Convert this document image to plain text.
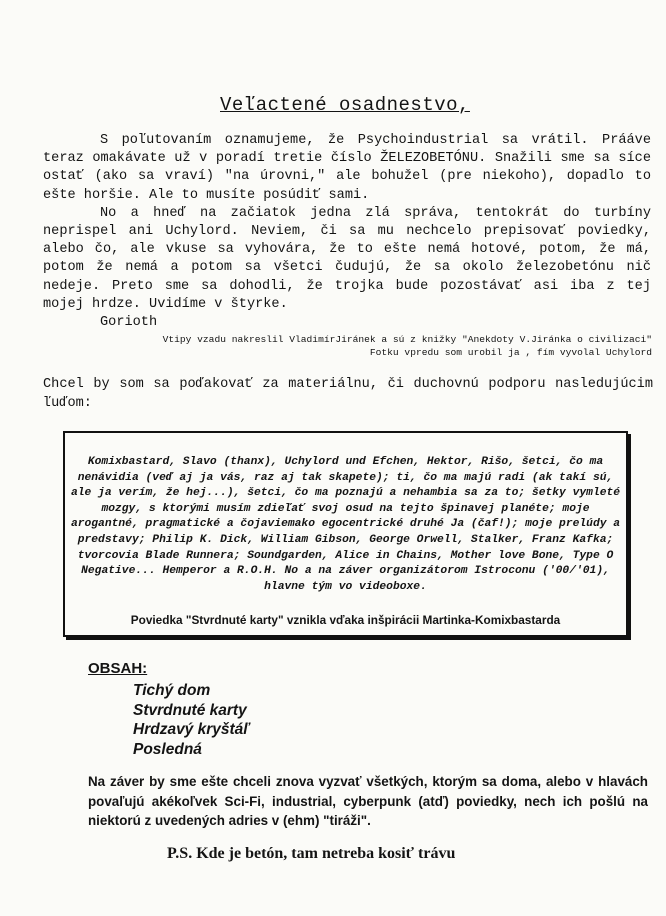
Veľactené osadnestvo,

S poľutovaním oznamujeme, že Psychoindustrial sa vrátil. Prááve teraz omakávate už v poradí tretie číslo ŽELEZOBETÓNU. Snažili sme sa síce ostať (ako sa vraví) "na úrovni," ale bohužel (pre niekoho), dopadlo to ešte horšie. Ale to musíte posúdiť sami.

No a hneď na začiatok jedna zlá správa, tentokrát do turbíny neprispel ani Uchylord. Neviem, či sa mu nechcelo prepisovať poviedky, alebo čo, ale vkuse sa vyhovára, že to ešte nemá hotové, potom, že má, potom že nemá a potom sa všetci čudujú, že sa okolo železobetónu nič nedeje. Preto sme sa dohodli, že trojka bude pozostávať asi iba z tej mojej hrdze. Uvidíme v štyrke.

Gorioth

Vtipy vzadu nakreslil VladimírJiránek a sú z knižky "Anekdoty V.Jiránka o civilizaci"
Fotku vpredu som urobil ja , fím vyvolal Uchylord

Chcel by som sa poďakovať za materiálnu, či duchovnú podporu nasledujúcim ľuďom:

Komixbastard, Slavo (thanx), Uchylord und Efchen, Hektor, Rišo, šetci, čo ma nenávidia (veď aj ja vás, raz aj tak skapete); ti, čo ma majú radi (ak takí sú, ale ja verím, že hej...), šetci, čo ma poznajú a nehambia sa za to; šetky vymleté mozgy, s ktorými musím zdieľať svoj osud na tejto špinavej planéte; moje arogantné, pragmatické a čojaviemako egocentrické druhé Ja (čaf!); moje prelúdy a predstavy; Philip K. Dick, William Gibson, George Orwell, Stalker, Franz Kafka; tvorcovia Blade Runnera; Soundgarden, Alice in Chains, Mother love Bone, Type O Negative... Hemperor a R.O.H. No a na záver organizátorom Istroconu ('00/'01), hlavne tým vo videoboxe.

Poviedka "Stvrdnuté karty" vznikla vďaka inšpirácii Martinka-Komixbastarda
OBSAH:
Tichý dom
Stvrdnuté karty
Hrdzavý kryštáľ
Posledná

Na záver by sme ešte chceli znova vyzvať všetkých, ktorým sa doma, alebo v hlavách povaľujú akékoľvek Sci-Fi, industrial, cyberpunk (atď) poviedky, nech ich pošlú na niektorú z uvedených adries v (ehm) "tiráži".

P.S. Kde je betón, tam netreba kosiť trávu
